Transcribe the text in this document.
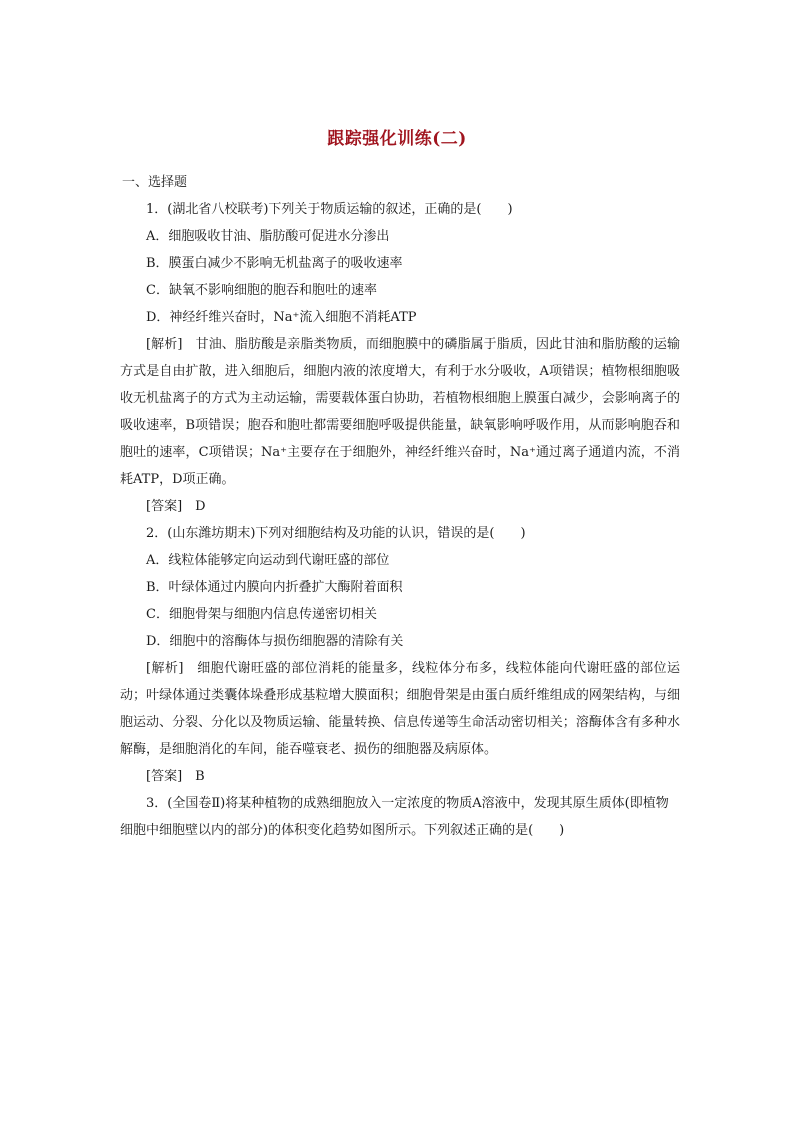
跟踪强化训练(二)
一、选择题
1．(湖北省八校联考)下列关于物质运输的叙述，正确的是(　　)
A．细胞吸收甘油、脂肪酸可促进水分渗出
B．膜蛋白减少不影响无机盐离子的吸收速率
C．缺氧不影响细胞的胞吞和胞吐的速率
D．神经纤维兴奋时，Na⁺流入细胞不消耗ATP

[解析]　甘油、脂肪酸是亲脂类物质，而细胞膜中的磷脂属于脂质，因此甘油和脂肪酸的运输方式是自由扩散，进入细胞后，细胞内液的浓度增大，有利于水分吸收，A项错误；植物根细胞吸收无机盐离子的方式为主动运输，需要载体蛋白协助，若植物根细胞上膜蛋白减少，会影响离子的吸收速率，B项错误；胞吞和胞吐都需要细胞呼吸提供能量，缺氧影响呼吸作用，从而影响胞吞和胞吐的速率，C项错误；Na⁺主要存在于细胞外，神经纤维兴奋时，Na⁺通过离子通道内流，不消耗ATP，D项正确。

[答案]　D
2．(山东潍坊期末)下列对细胞结构及功能的认识，错误的是(　　)
A．线粒体能够定向运动到代谢旺盛的部位
B．叶绿体通过内膜向内折叠扩大酶附着面积
C．细胞骨架与细胞内信息传递密切相关
D．细胞中的溶酶体与损伤细胞器的清除有关

[解析]　细胞代谢旺盛的部位消耗的能量多，线粒体分布多，线粒体能向代谢旺盛的部位运动；叶绿体通过类囊体垛叠形成基粒增大膜面积；细胞骨架是由蛋白质纤维组成的网架结构，与细胞运动、分裂、分化以及物质运输、能量转换、信息传递等生命活动密切相关；溶酶体含有多种水解酶，是细胞消化的车间，能吞噬衰老、损伤的细胞器及病原体。

[答案]　B

3．(全国卷Ⅱ)将某种植物的成熟细胞放入一定浓度的物质A溶液中，发现其原生质体(即植物细胞中细胞壁以内的部分)的体积变化趋势如图所示。下列叙述正确的是(　　)
